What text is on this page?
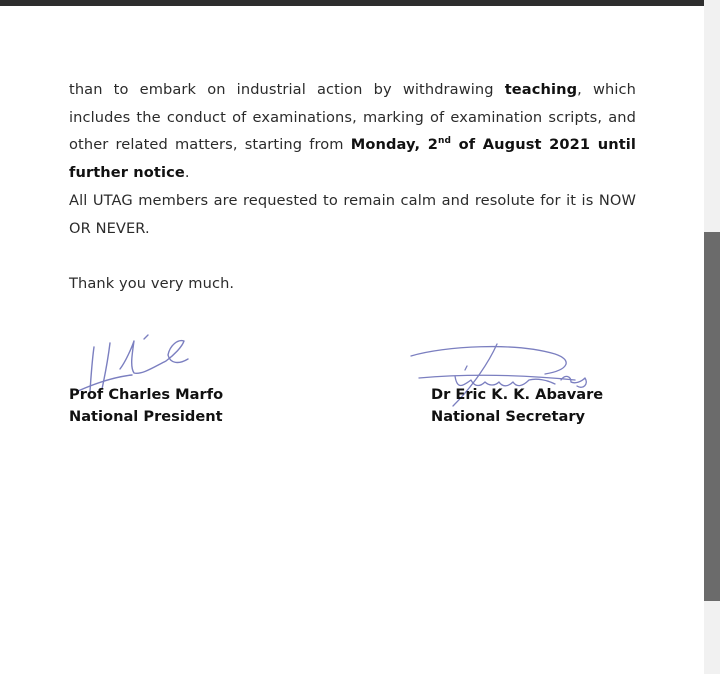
than to embark on industrial action by withdrawing teaching, which includes the conduct of examinations, marking of examination scripts, and other related matters, starting from Monday, 2nd of August 2021 until further notice.

All UTAG members are requested to remain calm and resolute for it is NOW OR NEVER.

Thank you very much.

Prof Charles Marfo
National President
Dr Eric K. K. Abavare
National Secretary
